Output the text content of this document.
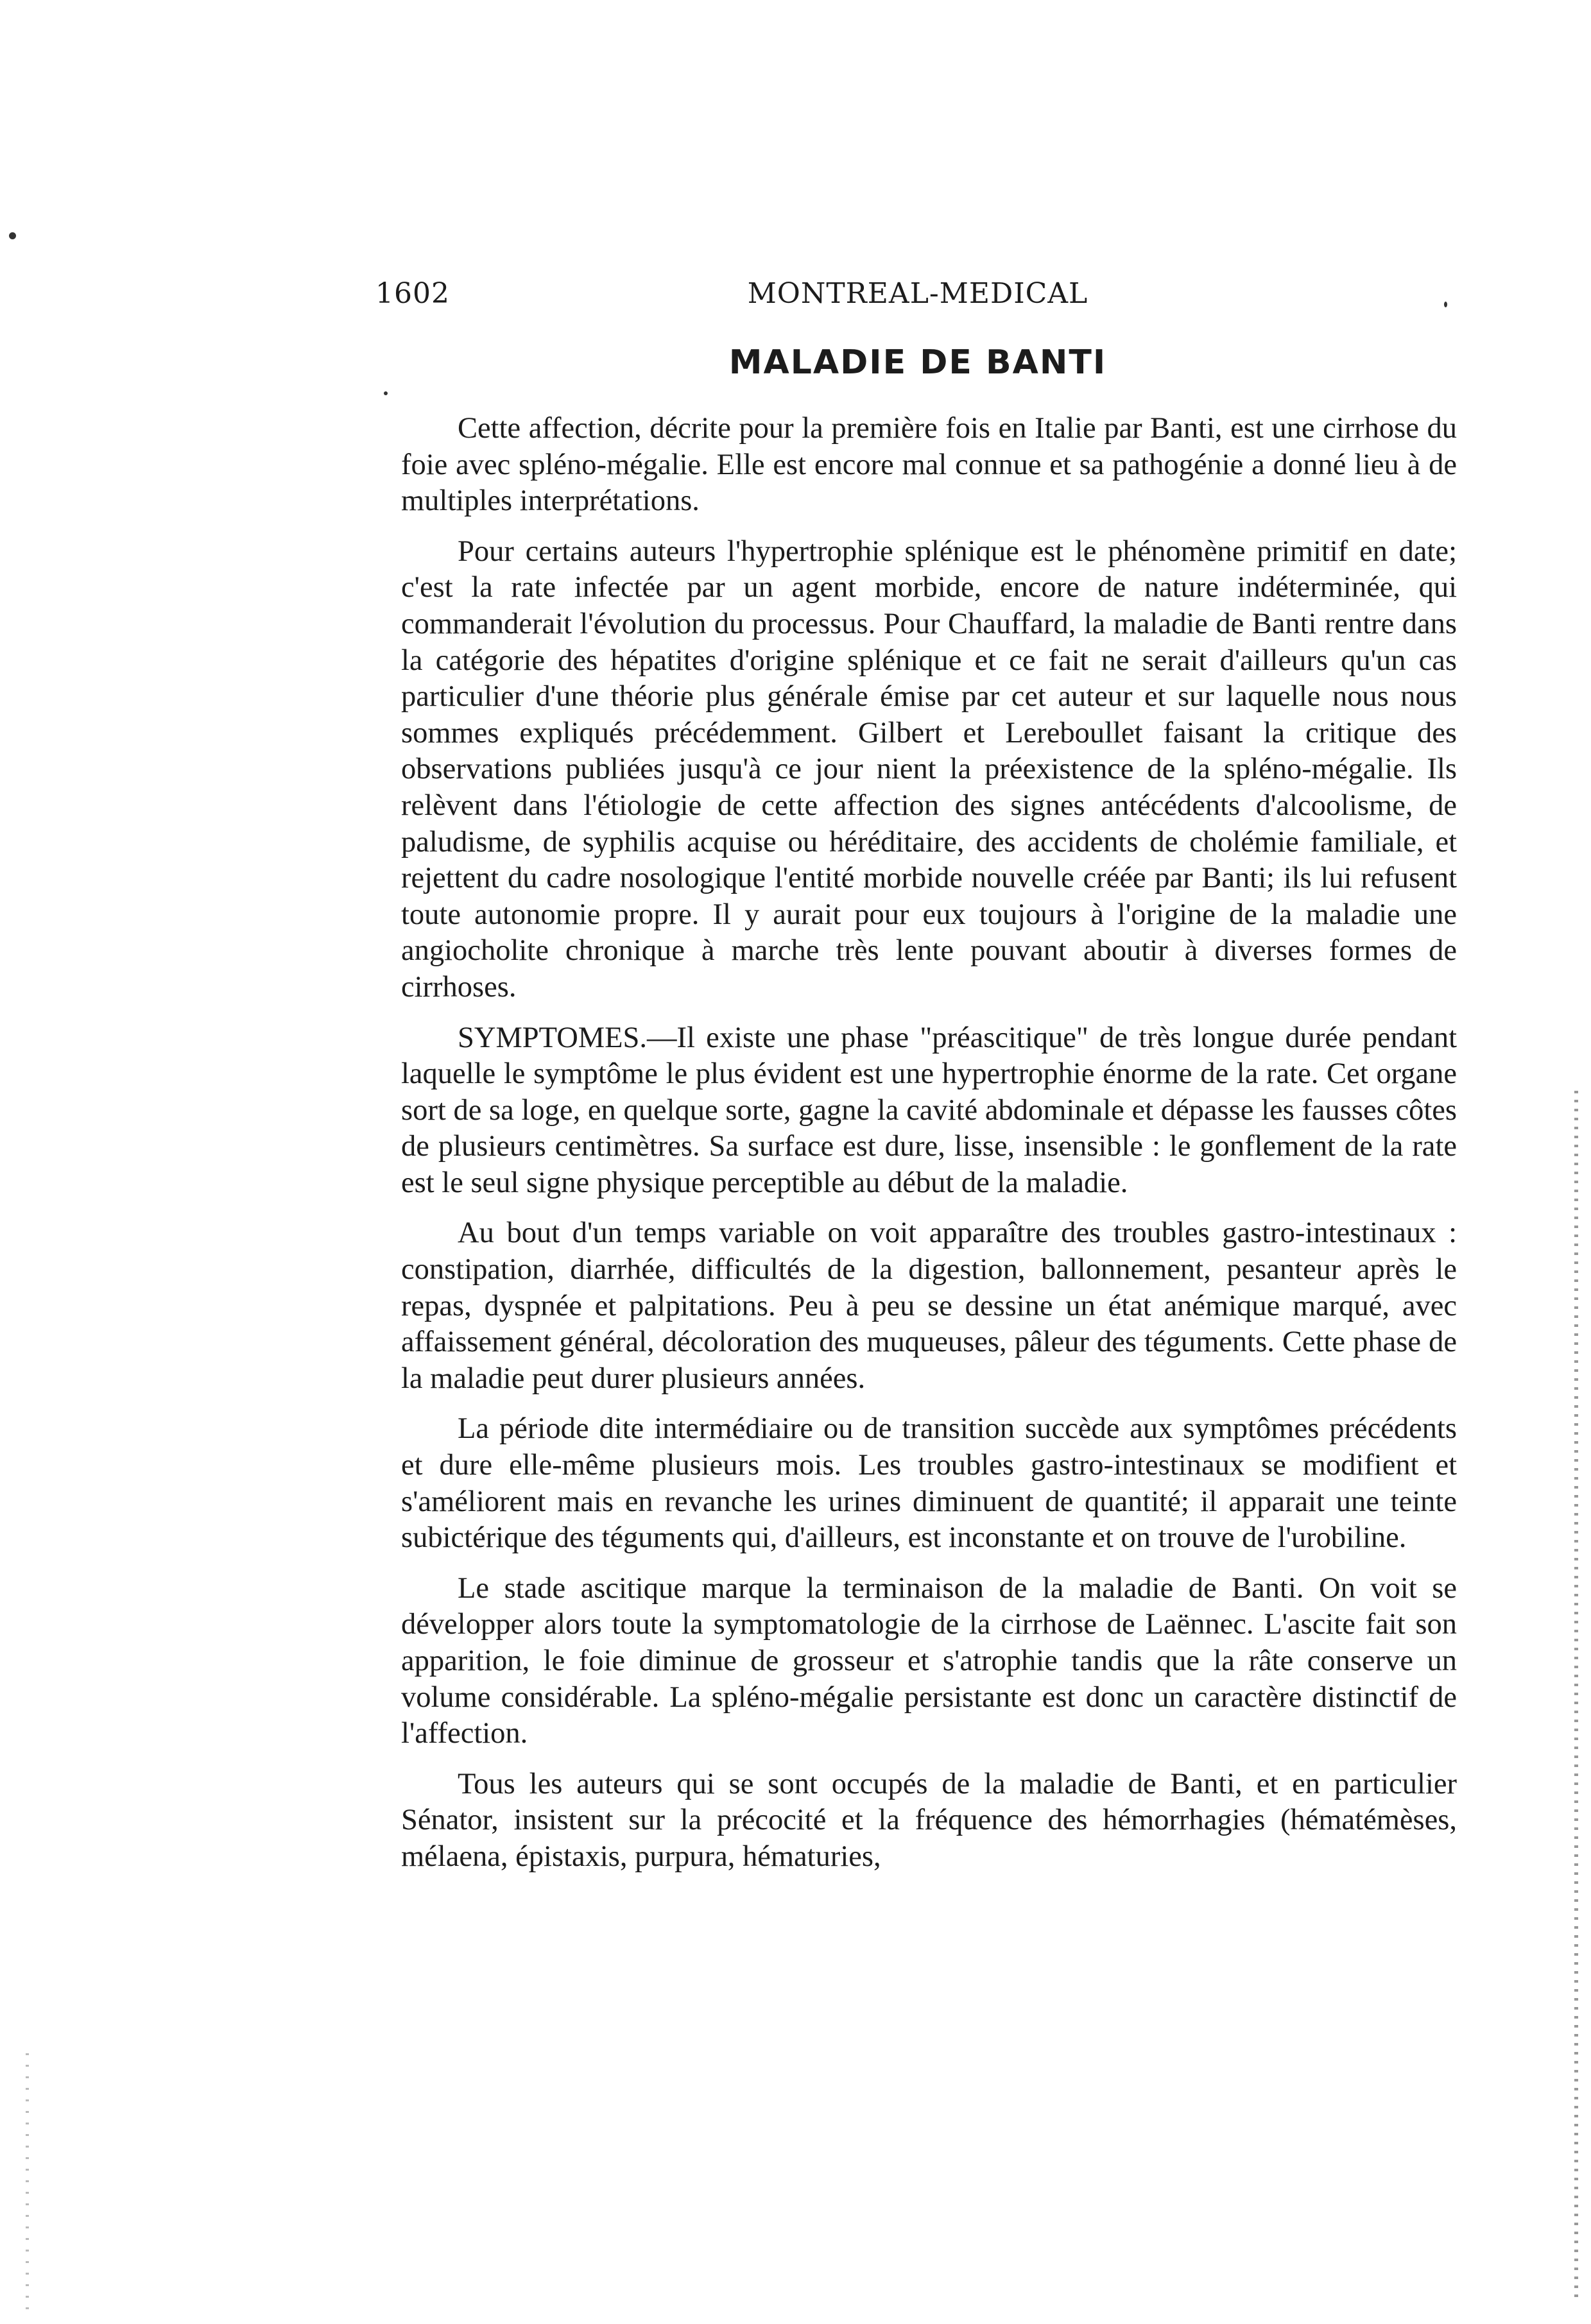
1602	MONTREAL-MEDICAL
MALADIE DE BANTI

Cette affection, décrite pour la première fois en Italie par Banti, est une cirrhose du foie avec spléno-mégalie. Elle est encore mal connue et sa pathogénie a donné lieu à de multiples interprétations.

Pour certains auteurs l'hypertrophie splénique est le phénomène primitif en date; c'est la rate infectée par un agent morbide, encore de nature indéterminée, qui commanderait l'évolution du processus. Pour Chauffard, la maladie de Banti rentre dans la catégorie des hépatites d'origine splénique et ce fait ne serait d'ailleurs qu'un cas particulier d'une théorie plus générale émise par cet auteur et sur laquelle nous nous sommes expliqués précédemment. Gilbert et Lereboullet faisant la critique des observations publiées jusqu'à ce jour nient la préexistence de la spléno-mégalie. Ils relèvent dans l'étiologie de cette affection des signes antécédents d'alcoolisme, de paludisme, de syphilis acquise ou héréditaire, des accidents de cholémie familiale, et rejettent du cadre nosologique l'entité morbide nouvelle créée par Banti; ils lui refusent toute autonomie propre. Il y aurait pour eux toujours à l'origine de la maladie une angiocholite chronique à marche très lente pouvant aboutir à diverses formes de cirrhoses.

SYMPTOMES.—Il existe une phase "préascitique" de très longue durée pendant laquelle le symptôme le plus évident est une hypertrophie énorme de la rate. Cet organe sort de sa loge, en quelque sorte, gagne la cavité abdominale et dépasse les fausses côtes de plusieurs centimètres. Sa surface est dure, lisse, insensible : le gonflement de la rate est le seul signe physique perceptible au début de la maladie.

Au bout d'un temps variable on voit apparaître des troubles gastro-intestinaux : constipation, diarrhée, difficultés de la digestion, ballonnement, pesanteur après le repas, dyspnée et palpitations. Peu à peu se dessine un état anémique marqué, avec affaissement général, décoloration des muqueuses, pâleur des téguments. Cette phase de la maladie peut durer plusieurs années.

La période dite intermédiaire ou de transition succède aux symptômes précédents et dure elle-même plusieurs mois. Les troubles gastro-intestinaux se modifient et s'améliorent mais en revanche les urines diminuent de quantité; il apparait une teinte subictérique des téguments qui, d'ailleurs, est inconstante et on trouve de l'urobiline.

Le stade ascitique marque la terminaison de la maladie de Banti. On voit se développer alors toute la symptomatologie de la cirrhose de Laënnec. L'ascite fait son apparition, le foie diminue de grosseur et s'atrophie tandis que la râte conserve un volume considérable. La spléno-mégalie persistante est donc un caractère distinctif de l'affection.

Tous les auteurs qui se sont occupés de la maladie de Banti, et en particulier Sénator, insistent sur la précocité et la fréquence des hémorrhagies (hématémèses, mélaena, épistaxis, purpura, hématuries,
